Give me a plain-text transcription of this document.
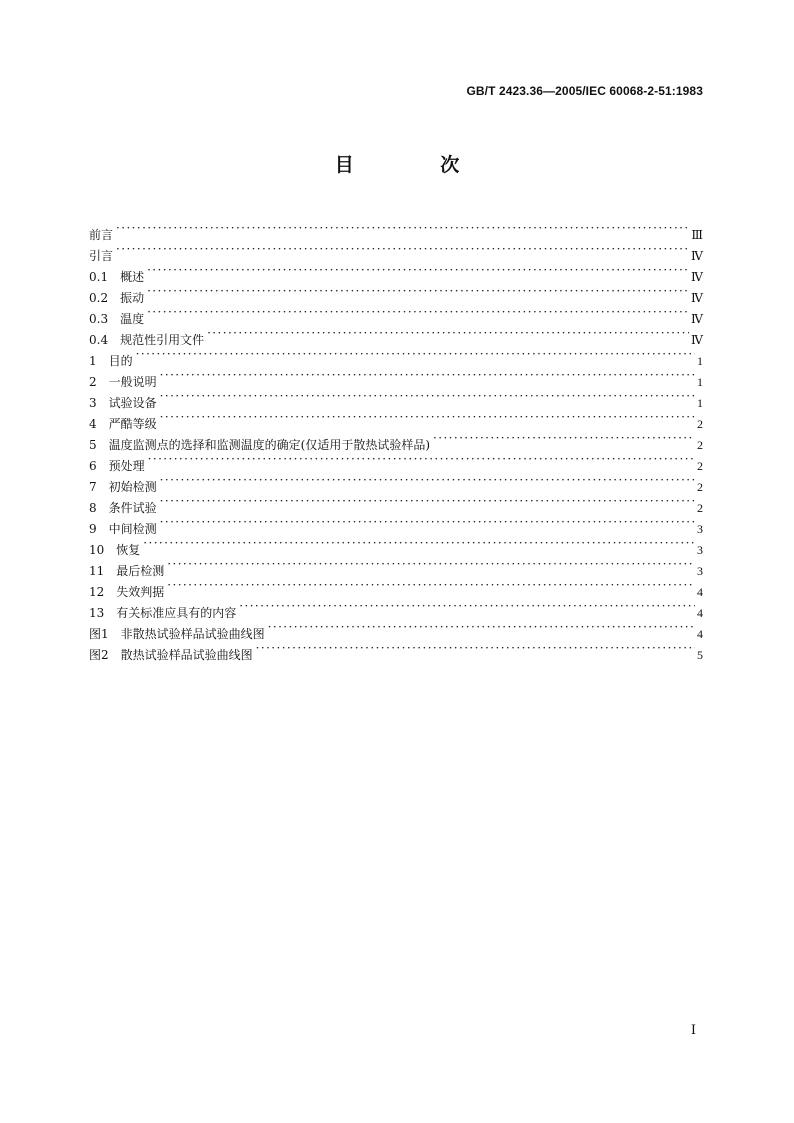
GB/T 2423.36—2005/IEC 60068-2-51:1983
目 次
前言 ·····	Ⅲ
引言 ·····	Ⅳ
0.1　概述 ·····	Ⅳ
0.2　振动 ·····	Ⅳ
0.3　温度 ·····	Ⅳ
0.4　规范性引用文件 ·····	Ⅳ
1　目的 ·····	1
2　一般说明 ·····	1
3　试验设备 ·····	1
4　严酷等级 ·····	2
5　温度监测点的选择和监测温度的确定(仅适用于散热试验样品) ·····	2
6　预处理 ·····	2
7　初始检测 ·····	2
8　条件试验 ·····	2
9　中间检测 ·····	3
10　恢复 ·····	3
11　最后检测 ·····	3
12　失效判据 ·····	4
13　有关标准应具有的内容 ·····	4
图1　非散热试验样品试验曲线图 ·····	4
图2　散热试验样品试验曲线图 ·····	5
Ⅰ
